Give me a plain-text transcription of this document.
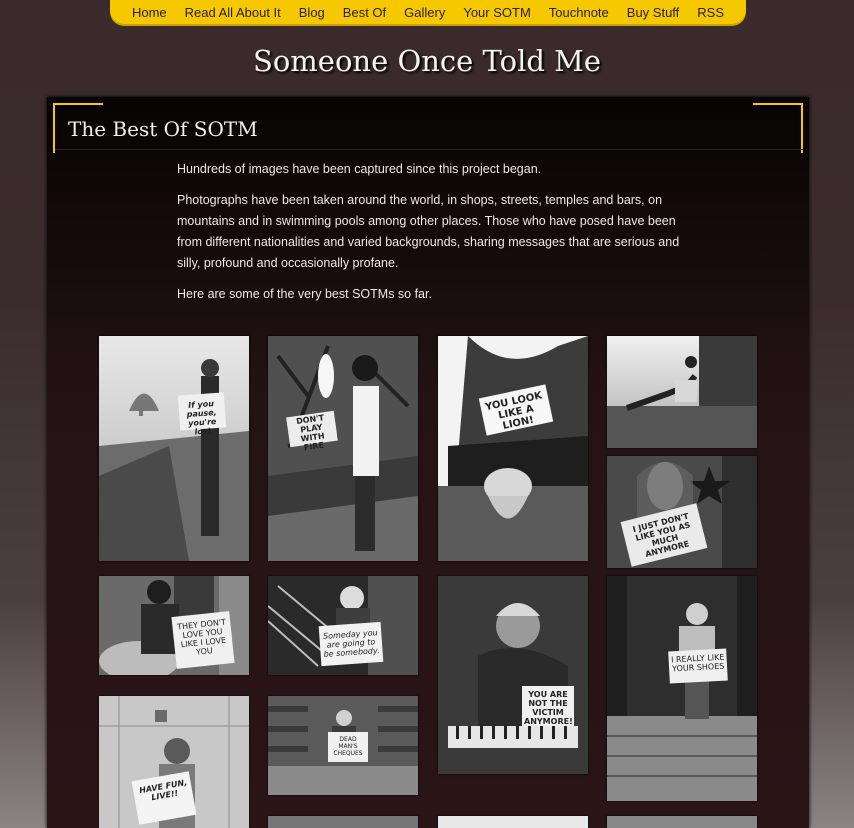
Home	Read All About It	Blog	Best Of	Gallery	Your SOTM	Touchnote	Buy Stuff	RSS
Someone Once Told Me
The Best Of SOTM

Hundreds of images have been captured since this project began.

Photographs have been taken around the world, in shops, streets, temples and bars, on mountains and in swimming pools among other places. Those who have posed have been from different nationalities and varied backgrounds, sharing messages that are serious and silly, profound and occasionally profane.

Here are some of the very best SOTMs so far.

If you pause, you're lost
DON'T PLAY WITH FIRE
YOU LOOK LIKE A LION!
I JUST DON'T LIKE YOU AS MUCH ANYMORE
THEY DON'T LOVE YOU LIKE I LOVE YOU
Someday you are going to be somebody.
YOU ARE NOT THE VICTIM ANYMORE!
I REALLY LIKE YOUR SHOES
HAVE FUN, LIVE!!
DEAD MAN'S CHEQUES
